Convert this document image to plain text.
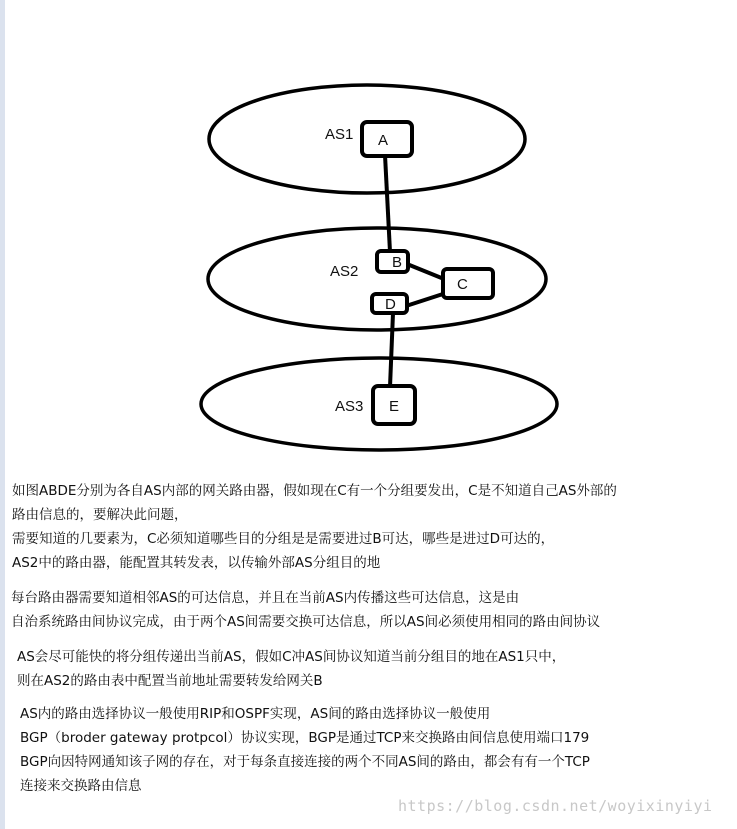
AS1
AS2
AS3
A
B
C
D
E
如图ABDE分别为各自AS内部的网关路由器，假如现在C有一个分组要发出，C是不知道自己AS外部的
路由信息的，要解决此问题，
需要知道的几要素为，C必须知道哪些目的分组是是需要进过B可达，哪些是进过D可达的，
AS2中的路由器，能配置其转发表，以传输外部AS分组目的地
每台路由器需要知道相邻AS的可达信息，并且在当前AS内传播这些可达信息，这是由
自治系统路由间协议完成，由于两个AS间需要交换可达信息，所以AS间必须使用相同的路由间协议
AS会尽可能快的将分组传递出当前AS，假如C冲AS间协议知道当前分组目的地在AS1只中，
则在AS2的路由表中配置当前地址需要转发给网关B
AS内的路由选择协议一般使用RIP和OSPF实现，AS间的路由选择协议一般使用
BGP（broder gateway protpcol）协议实现，BGP是通过TCP来交换路由间信息使用端口179
BGP向因特网通知该子网的存在，对于每条直接连接的两个不同AS间的路由，都会有有一个TCP
连接来交换路由信息
https://blog.csdn.net/woyixinyiyi
